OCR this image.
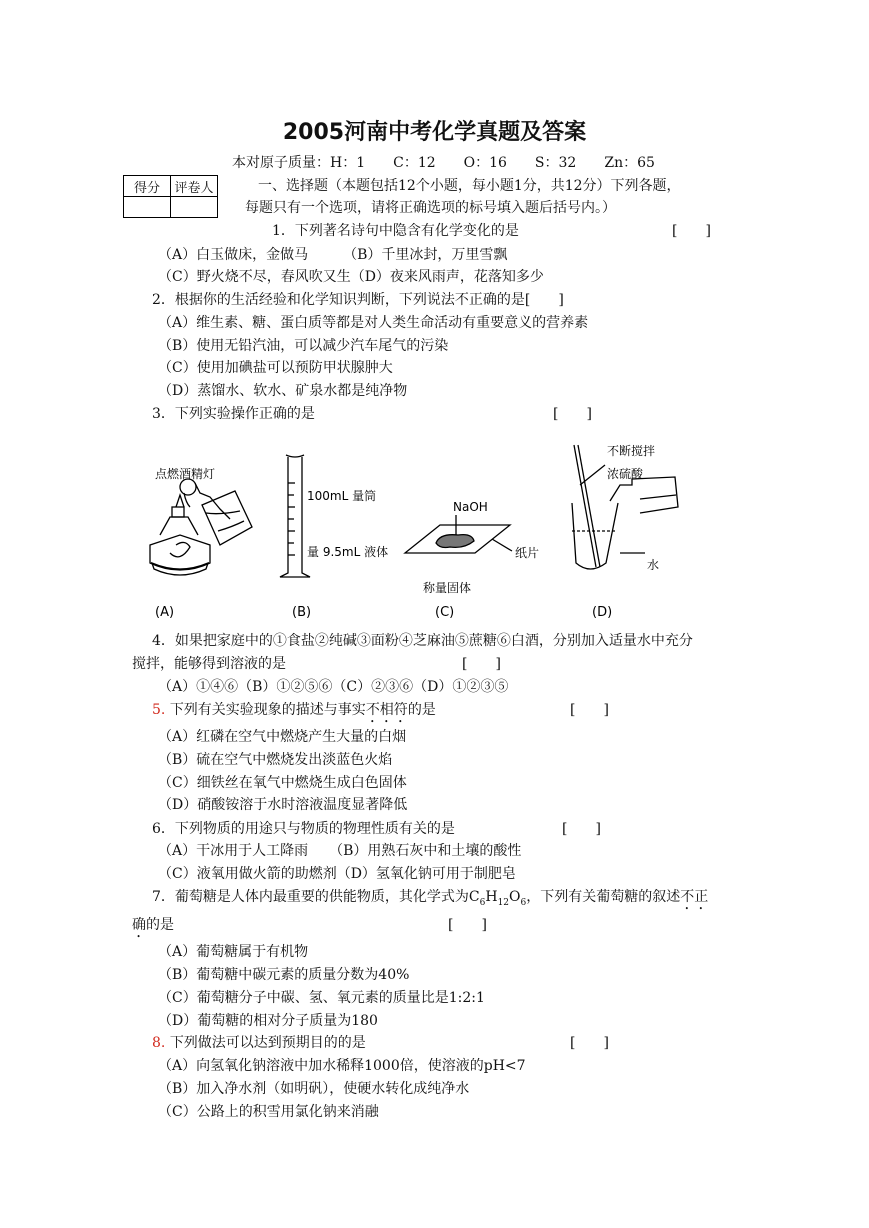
2005河南中考化学真题及答案
本对原子质量：H：1　　C：12　　O：16　　S：32　　Zn：65
得分	评卷人
		一、选择题（本题包括12个小题，每小题1分，共12分）下列各题，
每题只有一个选项，请将正确选项的标号填入题后括号内。）
1．下列著名诗句中隐含有化学变化的是	[　　]
（A）白玉做床，金做马　　　（B）千里冰封，万里雪飘
（C）野火烧不尽，春风吹又生（D）夜来风雨声，花落知多少
2．根据你的生活经验和化学知识判断，下列说法不正确的是[　　]
（A）维生素、糖、蛋白质等都是对人类生命活动有重要意义的营养素
（B）使用无铅汽油，可以减少汽车尾气的污染
（C）使用加碘盐可以预防甲状腺肿大
（D）蒸馏水、软水、矿泉水都是纯净物
3．下列实验操作正确的是	[　　]
点燃酒精灯
100mL 量筒
量 9.5mL 液体
NaOH
纸片
称量固体
不断搅拌
浓硫酸
水
(A)	(B)	(C)	(D)
4．如果把家庭中的①食盐②纯碱③面粉④芝麻油⑤蔗糖⑥白酒，分别加入适量水中充分
搅拌，能够得到溶液的是	[　　]
（A）①④⑥（B）①②⑤⑥（C）②③⑥（D）①②③⑤
5. 下列有关实验现象的描述与事实不相符的是	[　　]
（A）红磷在空气中燃烧产生大量的白烟
（B）硫在空气中燃烧发出淡蓝色火焰
（C）细铁丝在氧气中燃烧生成白色固体
（D）硝酸铵溶于水时溶液温度显著降低
6．下列物质的用途只与物质的物理性质有关的是	[　　]
（A）干冰用于人工降雨　　（B）用熟石灰中和土壤的酸性
（C）液氧用做火箭的助燃剂（D）氢氧化钠可用于制肥皂
7．葡萄糖是人体内最重要的供能物质，其化学式为$C_6H_{12}O_6$，下列有关葡萄糖的叙述不正
确的是	[　　]
（A）葡萄糖属于有机物
（B）葡萄糖中碳元素的质量分数为40%
（C）葡萄糖分子中碳、氢、氧元素的质量比是1:2:1
（D）葡萄糖的相对分子质量为180
8. 下列做法可以达到预期目的的是	[　　]
（A）向氢氧化钠溶液中加水稀释1000倍，使溶液的pH<7
（B）加入净水剂（如明矾），使硬水转化成纯净水
（C）公路上的积雪用氯化钠来消融
